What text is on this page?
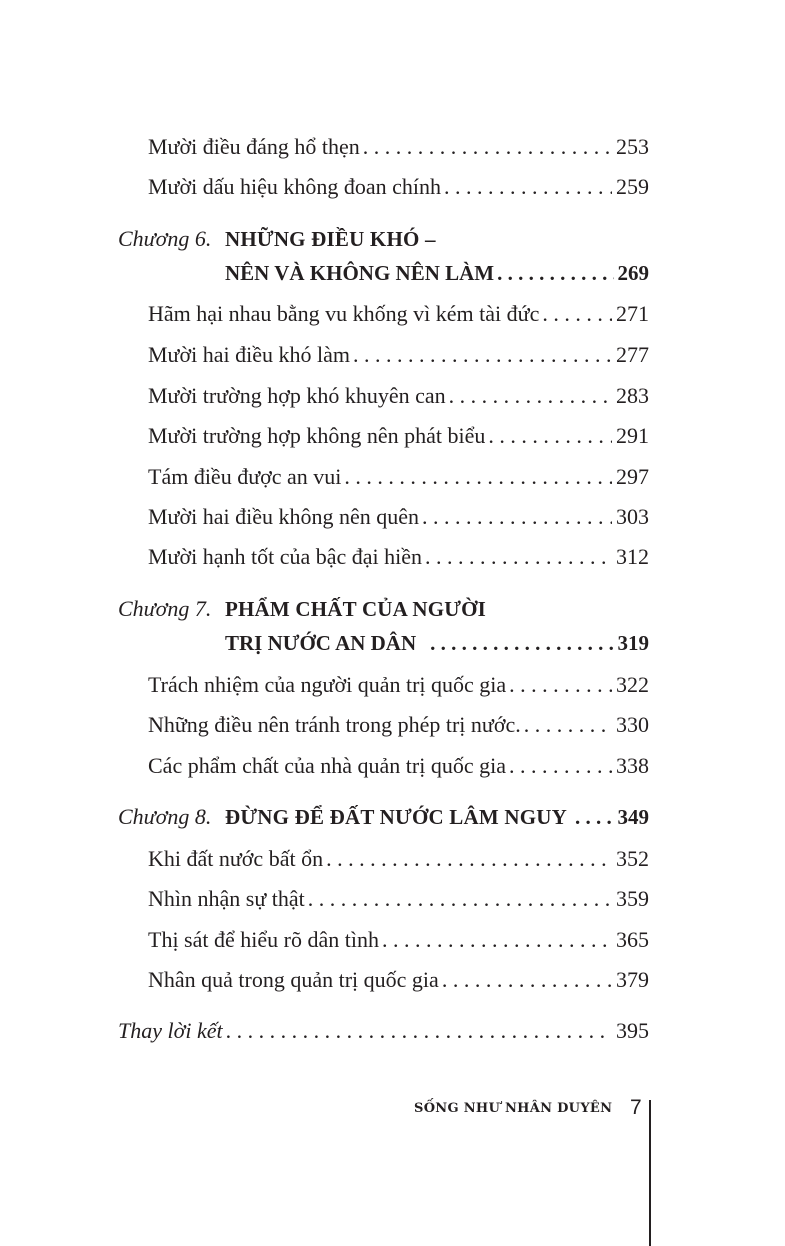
Mười điều đáng hổ thẹn . . .	253
Mười dấu hiệu không đoan chính . . .	259
Chương 6. NHỮNG ĐIỀU KHÓ –
NÊN VÀ KHÔNG NÊN LÀM . . .	269
Hãm hại nhau bằng vu khống vì kém tài đức . . .	271
Mười hai điều khó làm . . .	277
Mười trường hợp khó khuyên can . . .	283
Mười trường hợp không nên phát biểu . . .	291
Tám điều được an vui . . .	297
Mười hai điều không nên quên . . .	303
Mười hạnh tốt của bậc đại hiền . . .	312
Chương 7. PHẨM CHẤT CỦA NGƯỜI
TRỊ NƯỚC AN DÂN . . .	319
Trách nhiệm của người quản trị quốc gia . . .	322
Những điều nên tránh trong phép trị nước. . . .	330
Các phẩm chất của nhà quản trị quốc gia . . .	338
Chương 8. ĐỪNG ĐỂ ĐẤT NƯỚC LÂM NGUY . . . 349
Khi đất nước bất ổn . . .	352
Nhìn nhận sự thật . . .	359
Thị sát để hiểu rõ dân tình . . .	365
Nhân quả trong quản trị quốc gia . . .	379
Thay lời kết . . .	395
SỐNG NHƯ NHÂN DUYÊN 7
